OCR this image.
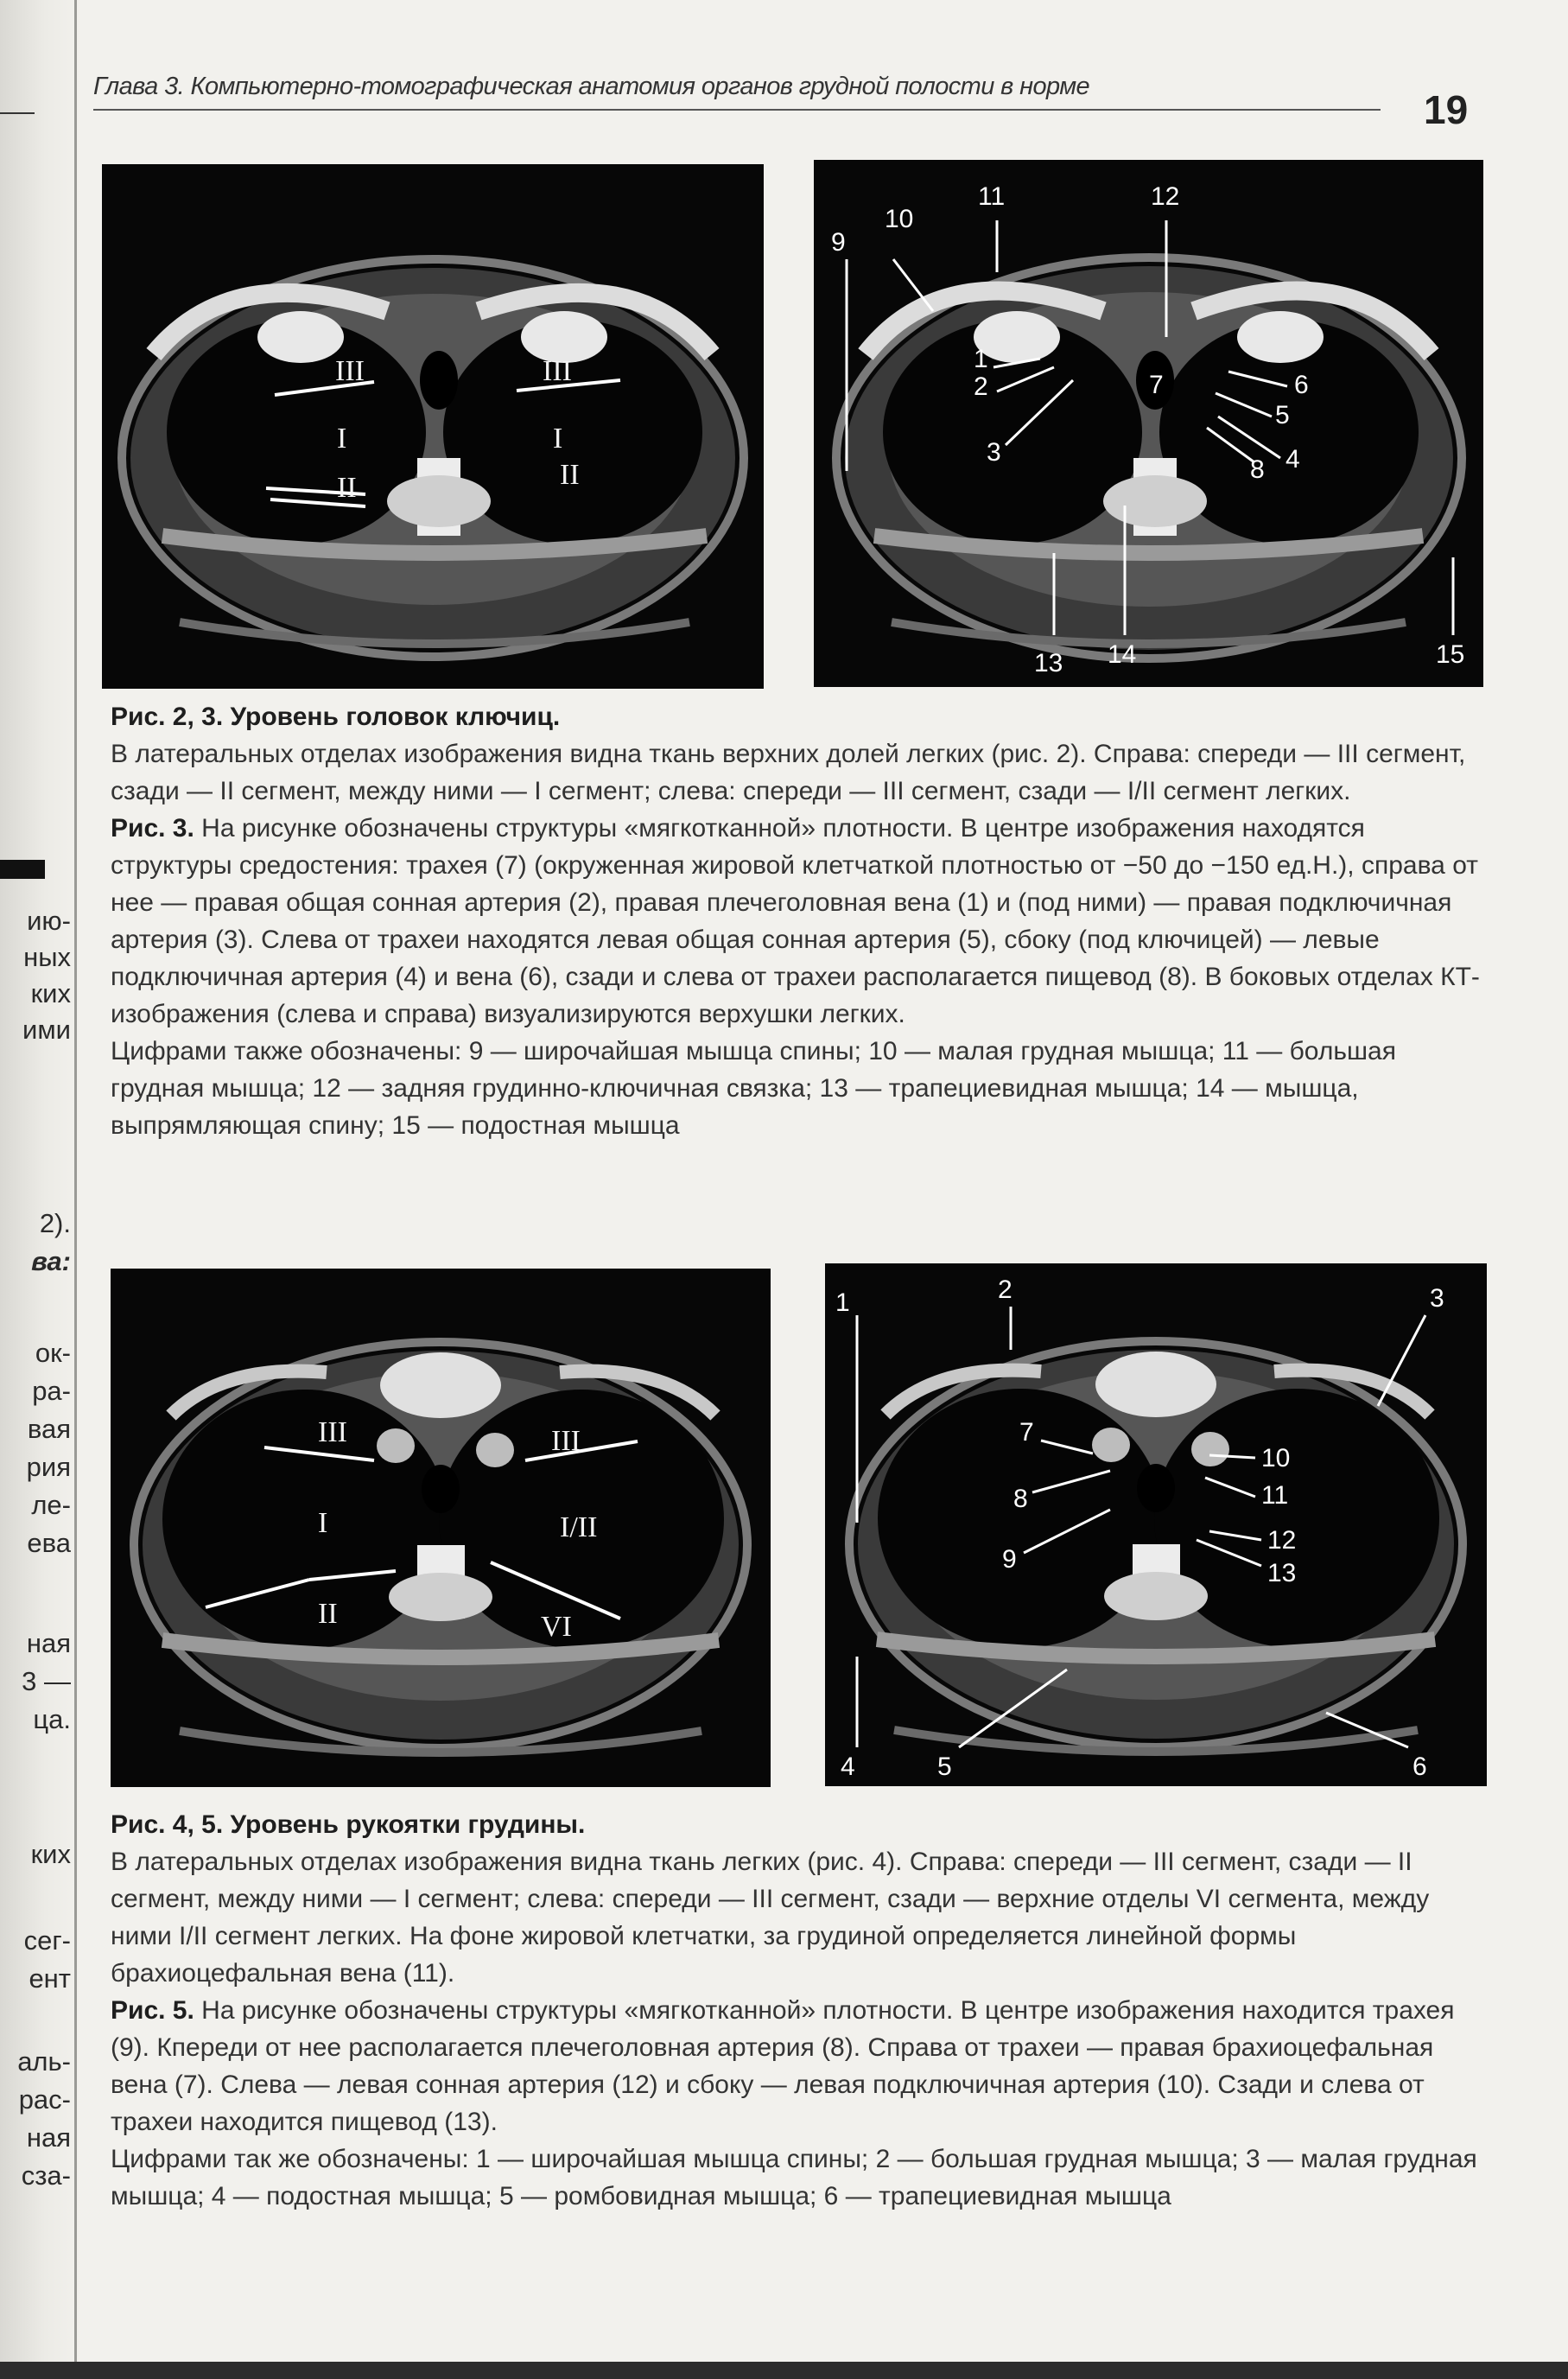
ию-
ных
ких
ими
2).
ва:
ок-
ра-
вая
рия
ле-
ева
ная
3 —
ца.
ких
сег-
ент
аль-
рас-
ная
сза-
Глава 3. Компьютерно-томографическая анатомия органов грудной полости в норме
19
III	III
I	I
II	II
9
10
11	12
1
2
3
7	6
5
4
8
13 14	15

Рис. 2, 3. Уровень головок ключиц.

В латеральных отделах изображения видна ткань верхних долей легких (рис. 2). Справа: спереди — III сегмент, сзади — II сегмент, между ними — I сегмент; слева: спереди — III сегмент, сзади — I/II сегмент легких.

Рис. 3. На рисунке обозначены структуры «мягкотканной» плотности. В центре изображения находятся структуры средостения: трахея (7) (окруженная жировой клетчаткой плотностью от −50 до −150 ед.Н.), справа от нее — правая общая сонная артерия (2), правая плечеголовная вена (1) и (под ними) — правая подключичная артерия (3). Слева от трахеи находятся левая общая сонная артерия (5), сбоку (под ключицей) — левые подключичная артерия (4) и вена (6), сзади и слева от трахеи располагается пищевод (8). В боковых отделах КТ-изображения (слева и справа) визуализируются верхушки легких.

Цифрами также обозначены: 9 — широчайшая мышца спины; 10 — малая грудная мышца; 11 — большая грудная мышца; 12 — задняя грудинно-ключичная связка; 13 — трапециевидная мышца; 14 — мышца, выпрямляющая спину; 15 — подостная мышца

III	III
I	I/II
II	VI
1	2	3
7
10
8	11
9
12
13
4	5	6

Рис. 4, 5. Уровень рукоятки грудины.

В латеральных отделах изображения видна ткань легких (рис. 4). Справа: спереди — III сегмент, сзади — II сегмент, между ними — I сегмент; слева: спереди — III сегмент, сзади — верхние отделы VI сегмента, между ними I/II сегмент легких. На фоне жировой клетчатки, за грудиной определяется линейной формы брахиоцефальная вена (11).

Рис. 5. На рисунке обозначены структуры «мягкотканной» плотности. В центре изображения находится трахея (9). Кпереди от нее располагается плечеголовная артерия (8). Справа от трахеи — правая брахиоцефальная вена (7). Слева — левая сонная артерия (12) и сбоку — левая подключичная артерия (10). Сзади и слева от трахеи находится пищевод (13).

Цифрами так же обозначены: 1 — широчайшая мышца спины; 2 — большая грудная мышца; 3 — малая грудная мышца; 4 — подостная мышца; 5 — ромбовидная мышца; 6 — трапециевидная мышца
